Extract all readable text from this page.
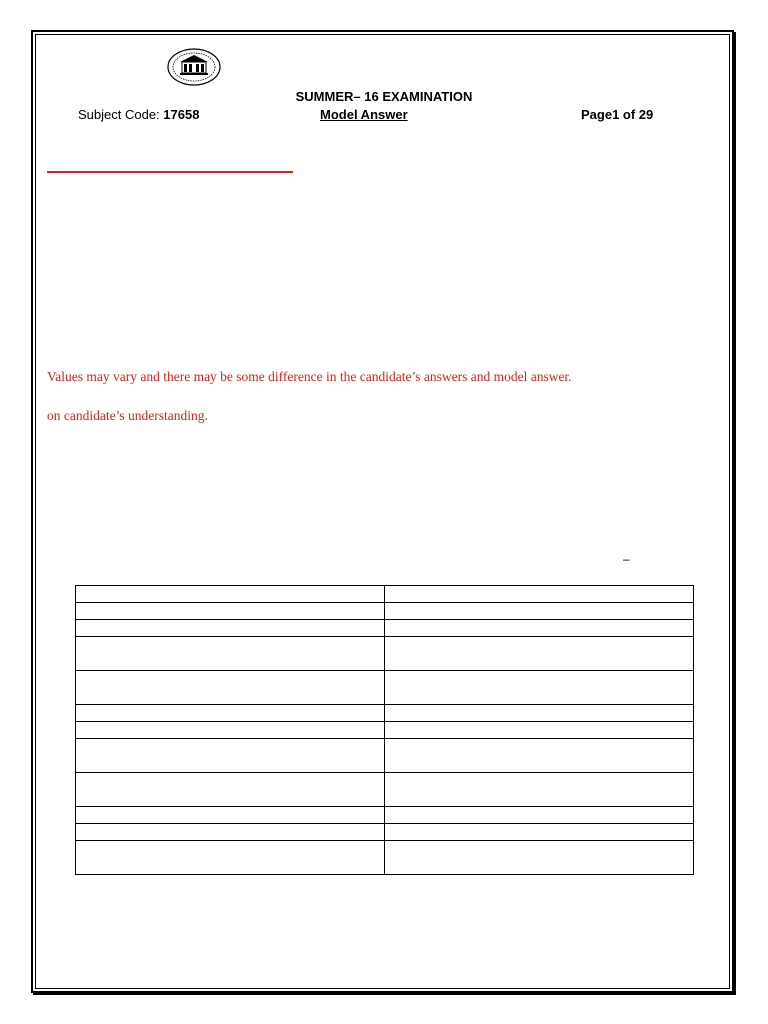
SUMMER– 16 EXAMINATION
Subject Code: 17658	Model Answer	Page1 of 29
Values may vary and there may be some difference in the candidate’s answers and model answer.
on candidate’s understanding.
–
